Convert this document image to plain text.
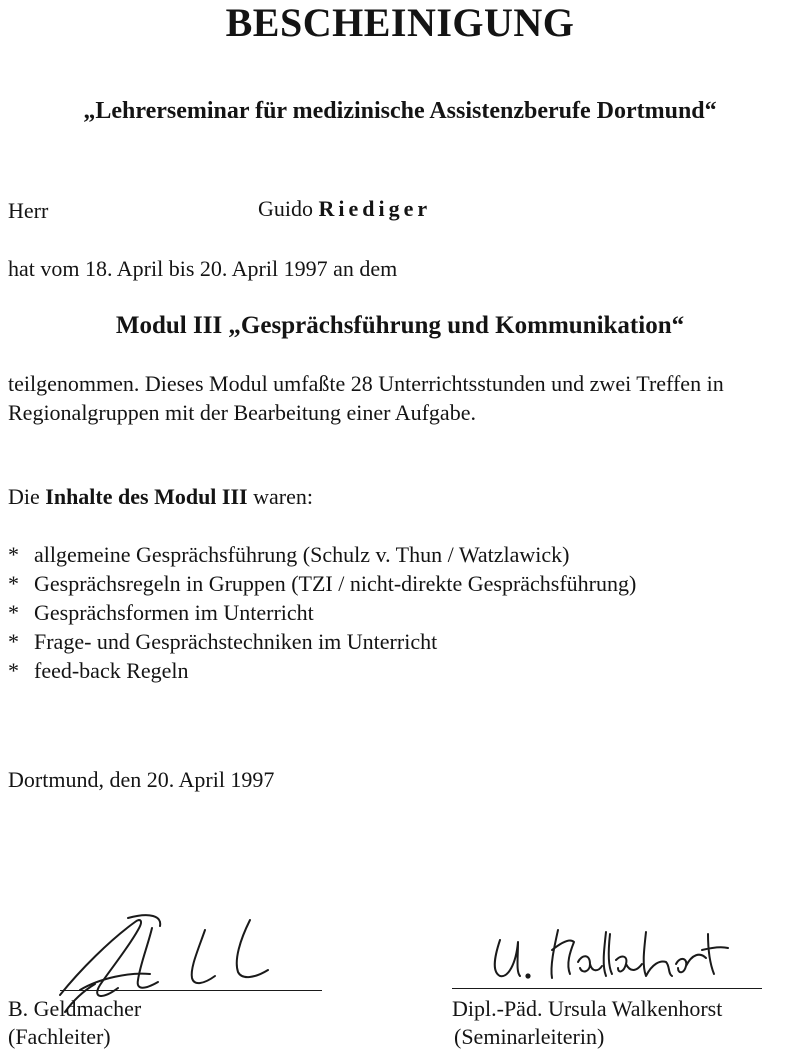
BESCHEINIGUNG
„Lehrerseminar für medizinische Assistenzberufe Dortmund“
Herr	Guido Riediger
hat vom 18. April bis 20. April 1997 an dem
Modul III „Gesprächsführung und Kommunikation“
teilgenommen. Dieses Modul umfaßte 28 Unterrichtsstunden und zwei Treffen in
Regionalgruppen mit der Bearbeitung einer Aufgabe.
Die Inhalte des Modul III waren:
* allgemeine Gesprächsführung (Schulz v. Thun / Watzlawick)
* Gesprächsregeln in Gruppen (TZI / nicht-direkte Gesprächsführung)
* Gesprächsformen im Unterricht
* Frage- und Gesprächstechniken im Unterricht
* feed-back Regeln
Dortmund, den 20. April 1997
B. Geldmacher
(Fachleiter)
Dipl.-Päd. Ursula Walkenhorst
(Seminarleiterin)
